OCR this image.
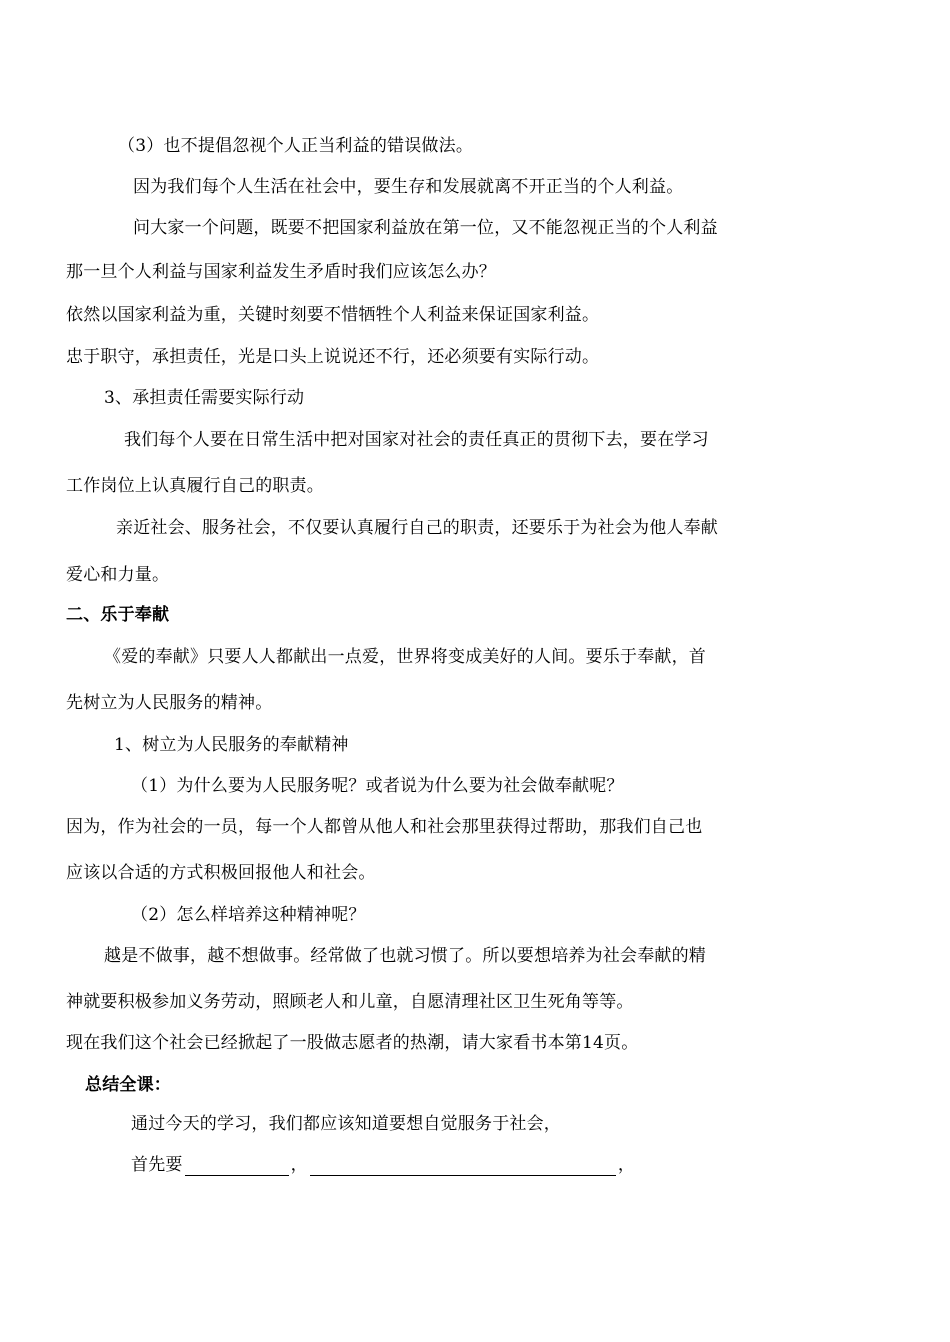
（3）也不提倡忽视个人正当利益的错误做法。
因为我们每个人生活在社会中，要生存和发展就离不开正当的个人利益。
问大家一个问题，既要不把国家利益放在第一位，又不能忽视正当的个人利益
那一旦个人利益与国家利益发生矛盾时我们应该怎么办？
依然以国家利益为重，关键时刻要不惜牺牲个人利益来保证国家利益。
忠于职守，承担责任，光是口头上说说还不行，还必须要有实际行动。
3、承担责任需要实际行动
我们每个人要在日常生活中把对国家对社会的责任真正的贯彻下去，要在学习
工作岗位上认真履行自己的职责。
亲近社会、服务社会，不仅要认真履行自己的职责，还要乐于为社会为他人奉献
爱心和力量。
二、乐于奉献
《爱的奉献》只要人人都献出一点爱，世界将变成美好的人间。要乐于奉献，首
先树立为人民服务的精神。
1、树立为人民服务的奉献精神
（1）为什么要为人民服务呢？或者说为什么要为社会做奉献呢？
因为，作为社会的一员，每一个人都曾从他人和社会那里获得过帮助，那我们自己也
应该以合适的方式积极回报他人和社会。
（2）怎么样培养这种精神呢？
越是不做事，越不想做事。经常做了也就习惯了。所以要想培养为社会奉献的精
神就要积极参加义务劳动，照顾老人和儿童，自愿清理社区卫生死角等等。
现在我们这个社会已经掀起了一股做志愿者的热潮，请大家看书本第14页。
总结全课：
通过今天的学习，我们都应该知道要想自觉服务于社会，
首先要	，	，
